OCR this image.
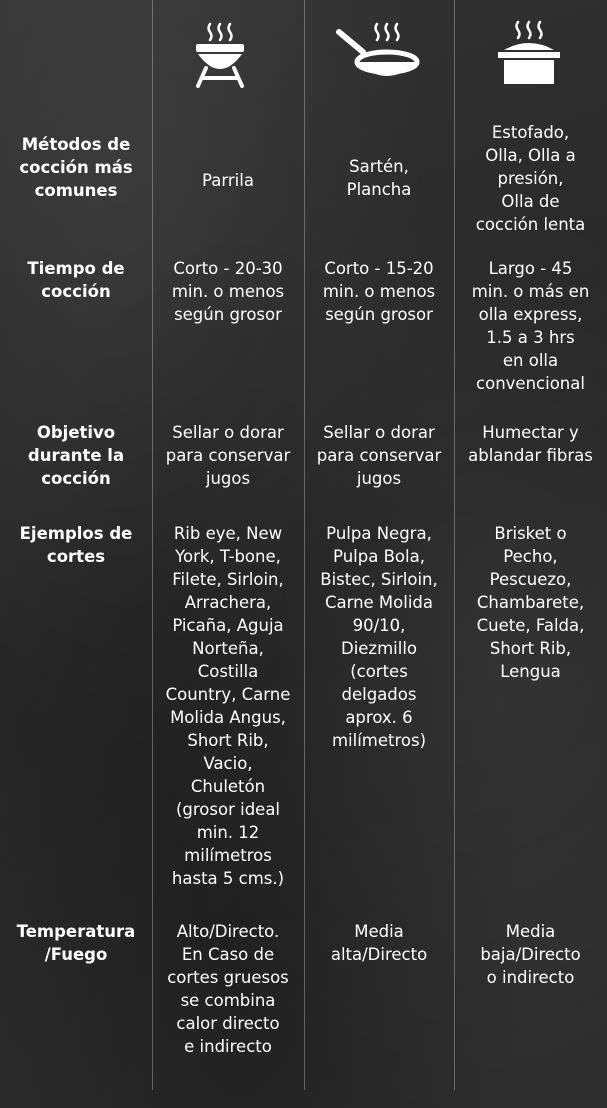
Métodos de
cocción más
comunes
Parrila
Sartén,
Plancha
Estofado,
Olla, Olla a
presión,
Olla de
cocción lenta
Tiempo de
cocción
Corto - 20-30
min. o menos
según grosor
Corto - 15-20
min. o menos
según grosor
Largo - 45
min. o más en
olla express,
1.5 a 3 hrs
en olla
convencional
Objetivo
durante la
cocción
Sellar o dorar
para conservar
jugos
Sellar o dorar
para conservar
jugos
Humectar y
ablandar fibras
Ejemplos de
cortes
Rib eye, New
York, T-bone,
Filete, Sirloin,
Arrachera,
Picaña, Aguja
Norteña,
Costilla
Country, Carne
Molida Angus,
Short Rib,
Vacio,
Chuletón
(grosor ideal
min. 12
milímetros
hasta 5 cms.)
Pulpa Negra,
Pulpa Bola,
Bistec, Sirloin,
Carne Molida
90/10,
Diezmillo
(cortes
delgados
aprox. 6
milímetros)
Brisket o
Pecho,
Pescuezo,
Chambarete,
Cuete, Falda,
Short Rib,
Lengua
Temperatura
/Fuego
Alto/Directo.
En Caso de
cortes gruesos
se combina
calor directo
e indirecto
Media
alta/Directo
Media
baja/Directo
o indirecto
